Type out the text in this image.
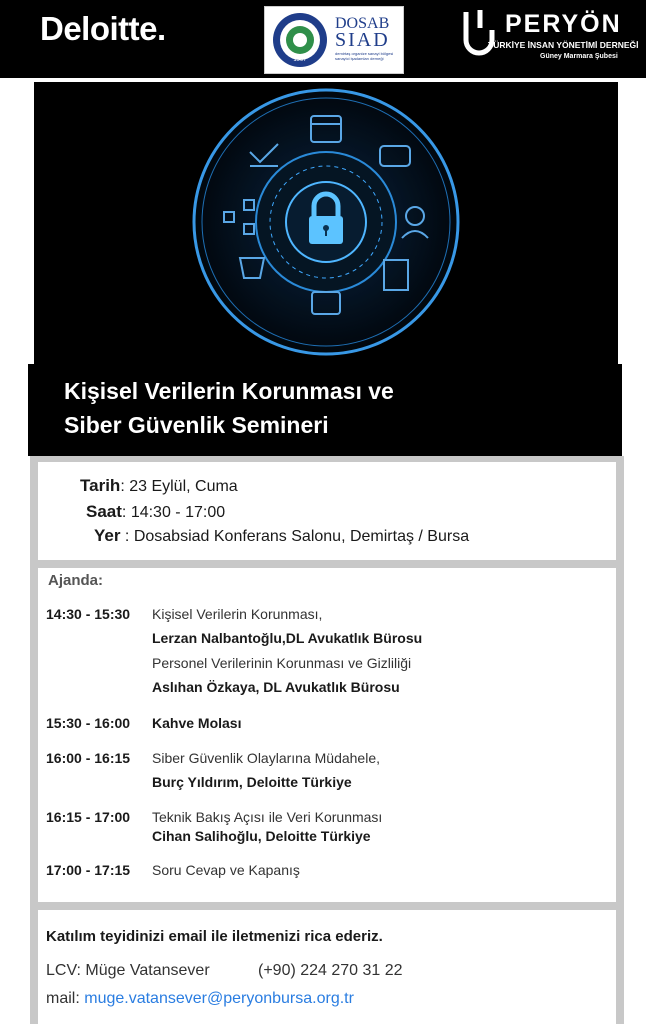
Deloitte.
1997
DOSAB
SIAD
demirtaş organize sanayi bölgesi sanayici işadamları derneği
PERYÖN
TÜRKİYE İNSAN YÖNETİMİ DERNEĞİ
Güney Marmara Şubesi
Kişisel Verilerin Korunması ve
Siber Güvenlik Semineri
Tarih: 23 Eylül, Cuma
Saat: 14:30 - 17:00
Yer : Dosabsiad Konferans Salonu, Demirtaş / Bursa
Ajanda:
14:30 - 15:30 Kişisel Verilerin Korunması,
Lerzan Nalbantoğlu,DL Avukatlık Bürosu
Personel Verilerinin Korunması ve Gizliliği
Aslıhan Özkaya, DL Avukatlık Bürosu
15:30 - 16:00 Kahve Molası
16:00 - 16:15 Siber Güvenlik Olaylarına Müdahele,
Burç Yıldırım, Deloitte Türkiye
16:15 - 17:00 Teknik Bakış Açısı ile Veri Korunması
Cihan Salihoğlu, Deloitte Türkiye
17:00 - 17:15 Soru Cevap ve Kapanış
Katılım teyidinizi email ile iletmenizi rica ederiz.
LCV: Müge Vatansever	(+90) 224 270 31 22
mail: muge.vatansever@peryonbursa.org.tr
